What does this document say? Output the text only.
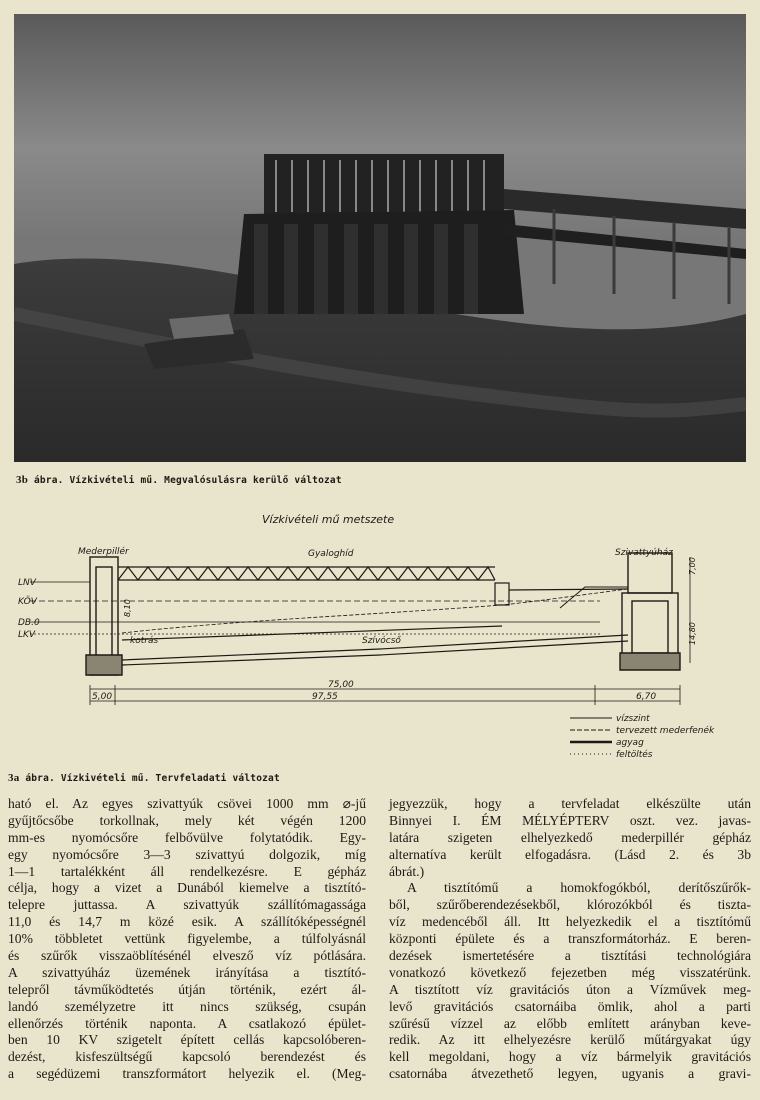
3b ábra. Vízkivételi mű. Megvalósulásra kerülő változat
Vízkivételi mű metszete
Mederpillér	Gyaloghíd	Szivattyúház
LNV
KÖV
DB.0
LKV
kotrás	Szívócső
8,10
7,00
14,80
5,00
75,00
97,55	6,70
vízszint
tervezett mederfenék
agyag
feltöltés
3a ábra. Vízkivételi mű. Tervfeladati változat
ható el. Az egyes szivattyúk csövei 1000 mm ⌀-jű
gyűjtőcsőbe torkollnak, mely két végén 1200
mm-es nyomócsőre felbővülve folytatódik. Egy-
egy nyomócsőre 3—3 szivattyú dolgozik, míg
1—1 tartalékként áll rendelkezésre. E gépház
célja, hogy a vizet a Dunából kiemelve a tisztító-
telepre juttassa. A szivattyúk szállítómagassága
11,0 és 14,7 m közé esik. A szállítóképességnél
10% többletet vettünk figyelembe, a túlfolyásnál
és szűrők visszaöblítésénél elvesző víz pótlására.
A szivattyúház üzemének irányítása a tisztító-
telepről távműködtetés útján történik, ezért ál-
landó személyzetre itt nincs szükség, csupán
ellenőrzés történik naponta. A csatlakozó épület-
ben 10 KV szigetelt épített cellás kapcsolóberen-
dezést, kisfeszültségű kapcsoló berendezést és
a segédüzemi transzformátort helyezik el. (Meg-
jegyezzük, hogy a tervfeladat elkészülte után
Binnyei I. ÉM MÉLYÉPTERV oszt. vez. javas-
latára szigeten elhelyezkedő mederpillér gépház
alternatíva került elfogadásra. (Lásd 2. és 3b
ábrát.)
A tisztítómű a homokfogókból, derítőszűrők-
ből, szűrőberendezésekből, klórozókból és tiszta-
víz medencéből áll. Itt helyezkedik el a tisztítómű
központi épülete és a transzformátorház. E beren-
dezések ismertetésére a tisztítási technológiára
vonatkozó következő fejezetben még visszatérünk.
A tisztított víz gravitációs úton a Vízművek meg-
levő gravitációs csatornáiba ömlik, ahol a parti
szűrésű vízzel az előbb említett arányban keve-
redik. Az itt elhelyezésre kerülő műtárgyakat úgy
kell megoldani, hogy a víz bármelyik gravitációs
csatornába átvezethető legyen, ugyanis a gravi-
